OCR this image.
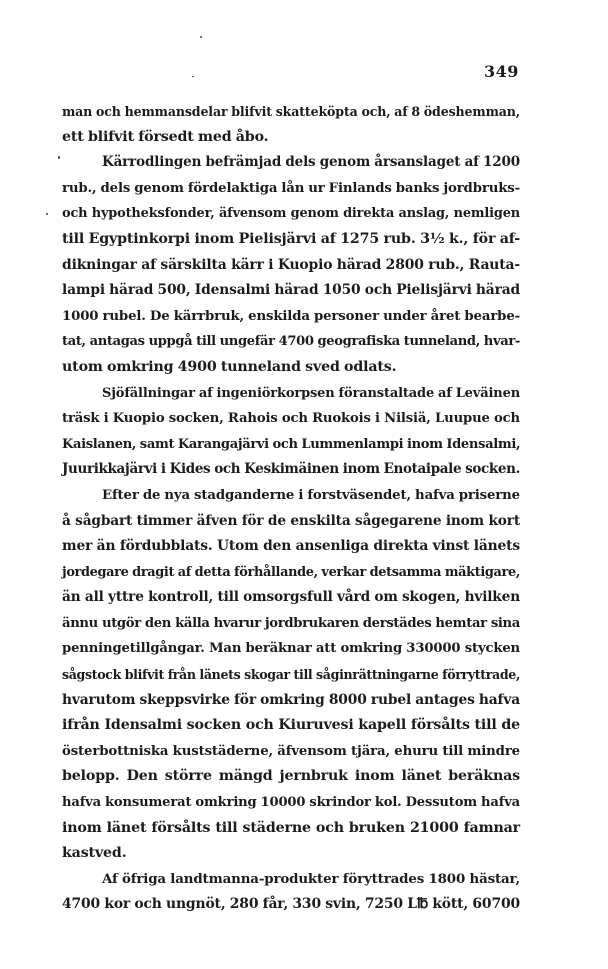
349
man och hemmansdelar blifvit skatteköpta och, af 8 ödeshemman,
ett blifvit försedt med åbo.
Kärrodlingen befrämjad dels genom årsanslaget af 1200
rub., dels genom fördelaktiga lån ur Finlands banks jordbruks-
och hypotheksfonder, äfvensom genom direkta anslag, nemligen
till Egyptinkorpi inom Pielisjärvi af 1275 rub. 3½ k., för af-
dikningar af särskilta kärr i Kuopio härad 2800 rub., Rauta-
lampi härad 500, Idensalmi härad 1050 och Pielisjärvi härad
1000 rubel. De kärrbruk, enskilda personer under året bearbe-
tat, antagas uppgå till ungefär 4700 geografiska tunneland, hvar-
utom omkring 4900 tunneland sved odlats.
Sjöfällningar af ingeniörkorpsen föranstaltade af Leväinen
träsk i Kuopio socken, Rahois och Ruokois i Nilsiä, Luupue och
Kaislanen, samt Karangajärvi och Lummenlampi inom Idensalmi,
Juurikkajärvi i Kides och Keskimäinen inom Enotaipale socken.
Efter de nya stadganderne i forstväsendet, hafva priserne
å sågbart timmer äfven för de enskilta sågegarene inom kort
mer än fördubblats. Utom den ansenliga direkta vinst länets
jordegare dragit af detta förhållande, verkar detsamma mäktigare,
än all yttre kontroll, till omsorgsfull vård om skogen, hvilken
ännu utgör den källa hvarur jordbrukaren derstädes hemtar sina
penningetillgångar. Man beräknar att omkring 330000 stycken
sågstock blifvit från länets skogar till såginrättningarne förryttrade,
hvarutom skeppsvirke för omkring 8000 rubel antages hafva
ifrån Idensalmi socken och Kiuruvesi kapell försålts till de
österbottniska kuststäderne, äfvensom tjära, ehuru till mindre
belopp. Den större mängd jernbruk inom länet beräknas
hafva konsumerat omkring 10000 skrindor kol. Dessutom hafva
inom länet försålts till städerne och bruken 21000 famnar
kastved.
Af öfriga landtmanna-produkter föryttrades 1800 hästar,
4700 kor och ungnöt, 280 får, 330 svin, 7250 L℔ kött, 60700
